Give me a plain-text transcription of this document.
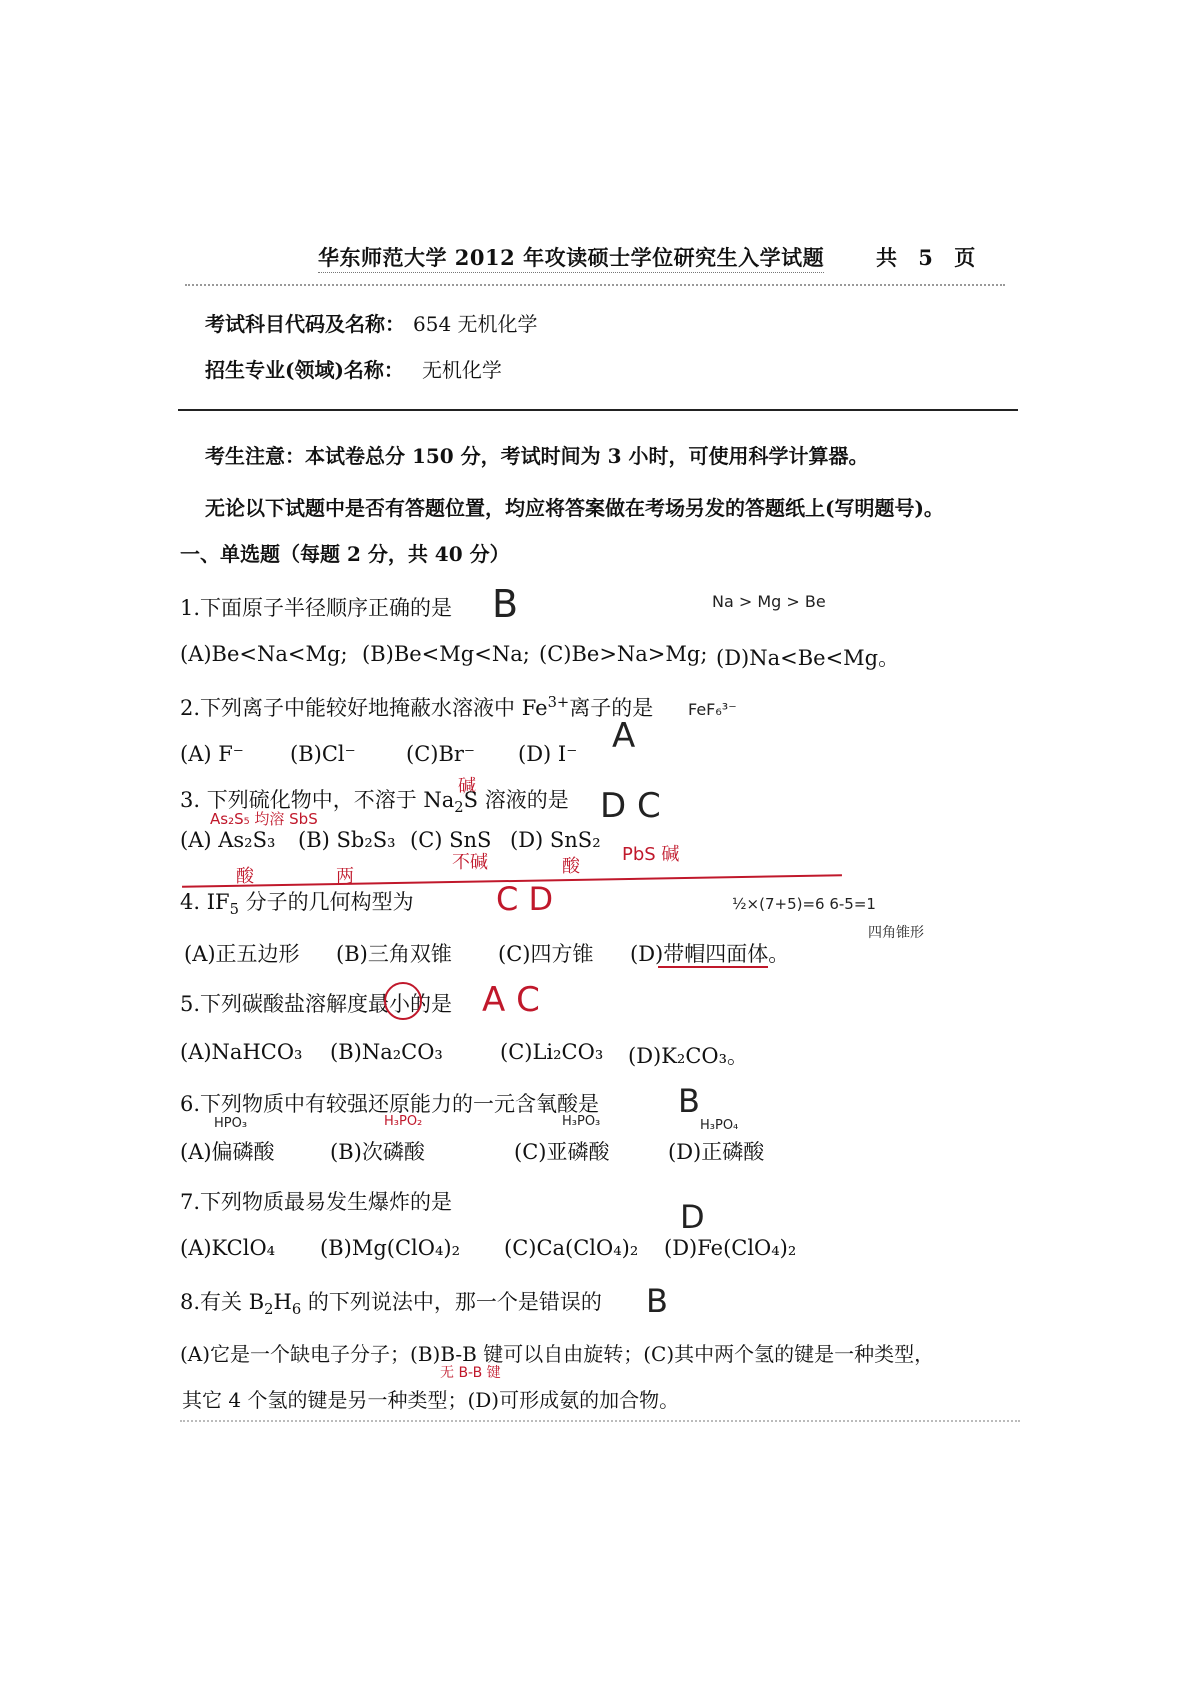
华东师范大学 2012 年攻读硕士学位研究生入学试题 共 5 页
考试科目代码及名称： 654 无机化学
招生专业(领域)名称： 无机化学
考生注意：本试卷总分 150 分，考试时间为 3 小时，可使用科学计算器。
无论以下试题中是否有答题位置，均应将答案做在考场另发的答题纸上(写明题号)。
一、单选题（每题 2 分，共 40 分）
1.下面原子半径顺序正确的是 B	Na > Mg > Be
(A)Be<Na<Mg; (B)Be<Mg<Na; (C)Be>Na>Mg; (D)Na<Be<Mg。
2.下列离子中能较好地掩蔽水溶液中 $Fe^{3+}$离子的是 FeF₆³⁻
A
(A) F⁻ (B)Cl⁻ (C)Br⁻ (D) I⁻
碱
3. 下列硫化物中，不溶于 $Na_2S$ 溶液的是 D C
As₂S₅ 均溶 SbS
(A) As₂S₃ (B) Sb₂S₃ (C) SnS (D) SnS₂
酸	两
不碱	酸
PbS 碱
4. $IF_5$ 分子的几何构型为	C D	½×(7+5)=6 6-5=1
四角锥形
(A)正五边形 (B)三角双锥 (C)四方锥 (D)带帽四面体。
5.下列碳酸盐溶解度最小的是 A C
(A)NaHCO₃ (B)Na₂CO₃	(C)Li₂CO₃ (D)K₂CO₃。
6.下列物质中有较强还原能力的一元含氧酸是 B
HPO₃	H₃PO₂	H₃PO₃	H₃PO₄
(A)偏磷酸	(B)次磷酸	(C)亚磷酸	(D)正磷酸
7.下列物质最易发生爆炸的是	D
(A)KClO₄ (B)Mg(ClO₄)₂ (C)Ca(ClO₄)₂ (D)Fe(ClO₄)₂
8.有关 $B_2H_6$ 的下列说法中，那一个是错误的 B
(A)它是一个缺电子分子；(B)B-B 键可以自由旋转；(C)其中两个氢的键是一种类型，
无 B-B 键
其它 4 个氢的键是另一种类型；(D)可形成氨的加合物。
